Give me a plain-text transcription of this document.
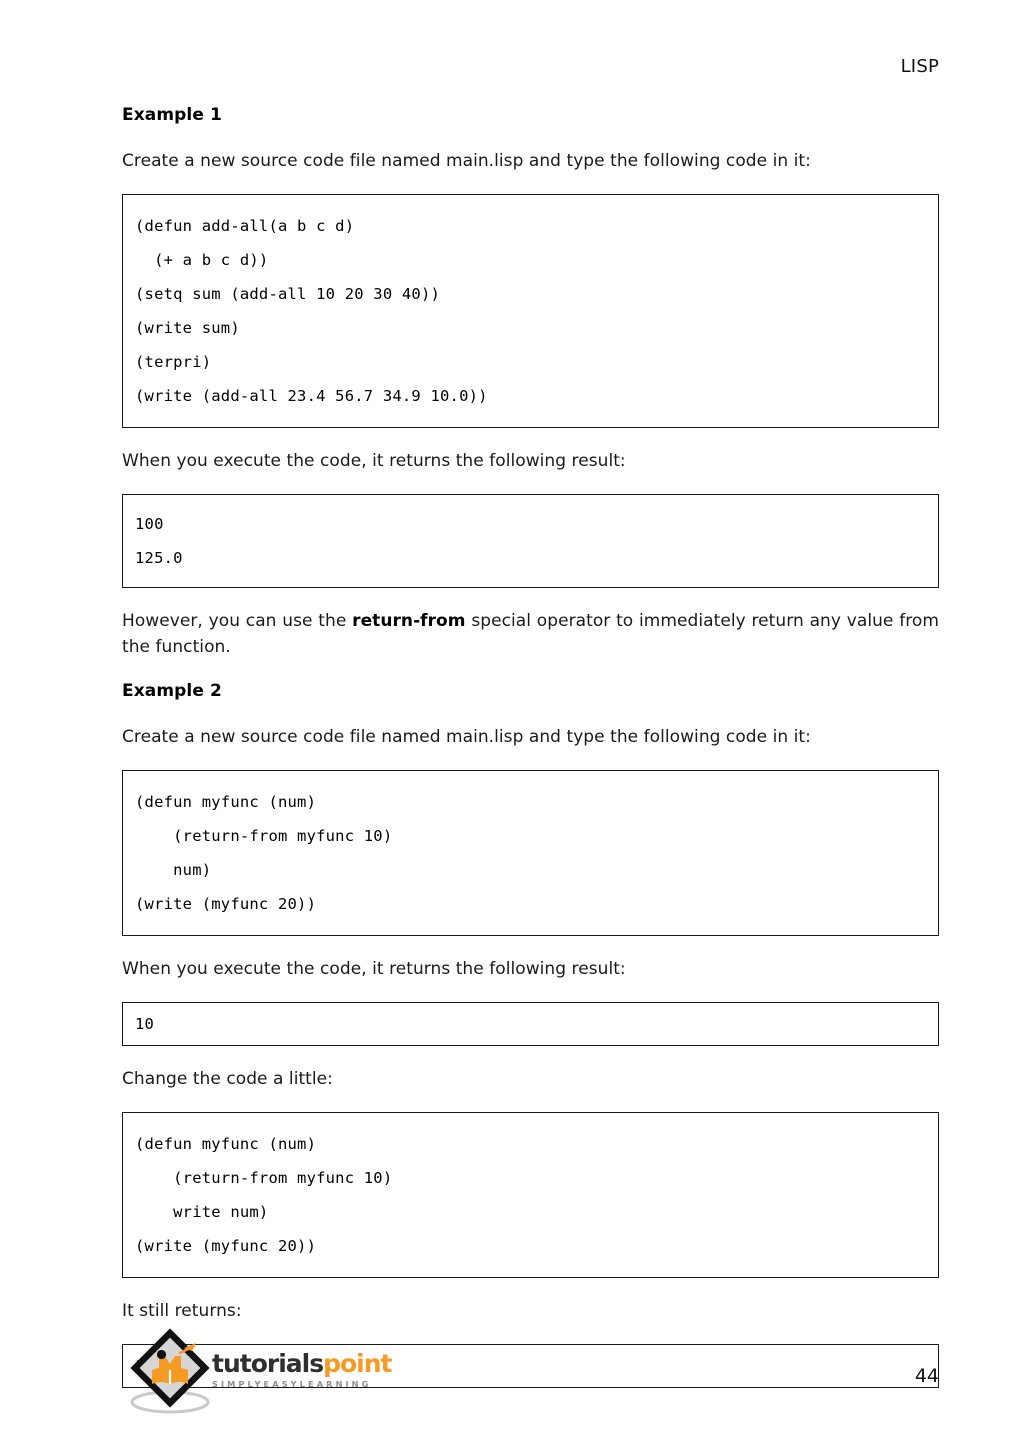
LISP
Example 1

Create a new source code file named main.lisp and type the following code in it:

(defun add-all(a b c d)
(+ a b c d))
(setq sum (add-all 10 20 30 40))
(write sum)
(terpri)
(write (add-all 23.4 56.7 34.9 10.0))

When you execute the code, it returns the following result:

100
125.0

However, you can use the return-from special operator to immediately return any value from the function.

Example 2

Create a new source code file named main.lisp and type the following code in it:

(defun myfunc (num)
(return-from myfunc 10)
num)
(write (myfunc 20))

When you execute the code, it returns the following result:

10

Change the code a little:

(defun myfunc (num)
(return-from myfunc 10)
write num)
(write (myfunc 20))

It still returns:

tutorialspoint
SIMPLYEASYLEARNING	44
